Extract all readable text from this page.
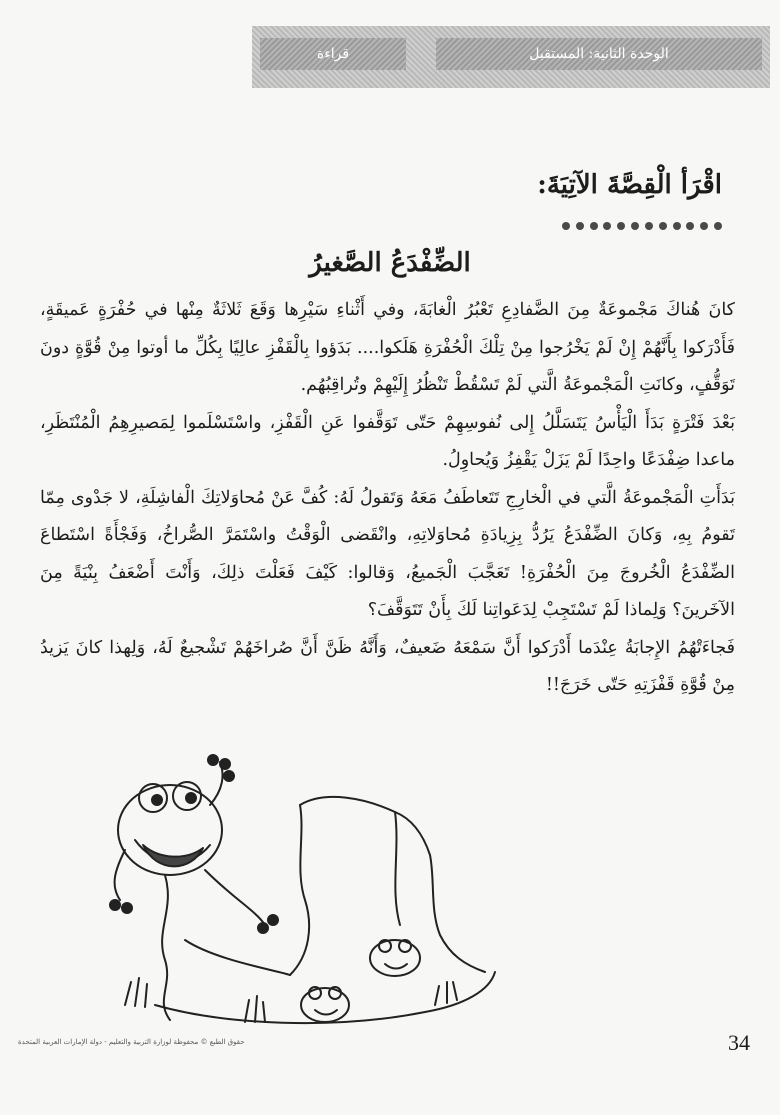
الوحدة الثانية: المستقبل
قراءة
اقْرَأ الْقِصَّةَ الآتِيَةَ:
الضِّفْدَعُ الصَّغيرُ

كانَ هُناكَ مَجْموعَةٌ مِنَ الضَّفادِعِ تَعْبُرُ الْغابَةَ، وفي أَثْناءِ سَيْرِها وَقَعَ ثَلاثَةٌ مِنْها في حُفْرَةٍ عَميقَةٍ، فَأَدْرَكوا بِأَنَّهُمْ إِنْ لَمْ يَخْرُجوا مِنْ تِلْكَ الْحُفْرَةِ هَلَكوا.... بَدَؤوا بِالْقَفْزِ عالِيًا بِكُلِّ ما أوتوا مِنْ قُوَّةٍ دونَ تَوَقُّفٍ، وكانَتِ الْمَجْموعَةُ الَّتي لَمْ تَسْقُطْ تَنْظُرُ إِلَيْهِمْ وتُراقِبُهُم.

بَعْدَ فَتْرَةٍ بَدَأَ الْيَأْسُ يَتَسَلَّلُ إِلى نُفوسِهِمْ حَتّى تَوَقَّفوا عَنِ الْقَفْزِ، واسْتَسْلَموا لِمَصيرِهِمُ الْمُنْتَظَرِ، ماعدا ضِفْدَعًا واحِدًا لَمْ يَزَلْ يَقْفِزُ وَيُحاوِلُ.

بَدَأَتِ الْمَجْموعَةُ الَّتي في الْخارِجِ تَتَعاطَفُ مَعَهُ وَتَقولُ لَهُ: كُفَّ عَنْ مُحاوَلاتِكَ الْفاشِلَةِ، لا جَدْوى مِمّا تَقومُ بِهِ، وَكانَ الضِّفْدَعُ يَرُدُّ بِزِيادَةِ مُحاوَلاتِهِ، وانْقَضى الْوَقْتُ واسْتَمَرَّ الصُّراخُ، وَفَجْأَةً اسْتَطاعَ الضِّفْدَعُ الْخُروجَ مِنَ الْحُفْرَةِ! تَعَجَّبَ الْجَميعُ، وَقالوا: كَيْفَ فَعَلْتَ ذلِكَ، وَأَنْتَ أَضْعَفُ بِنْيَةً مِنَ الآخَرينَ؟ وَلِماذا لَمْ تَسْتَجِبْ لِدَعَواتِنا لَكَ بِأَنْ تَتَوَقَّفَ؟

فَجاءَتْهُمُ الإِجابَةُ عِنْدَما أَدْرَكوا أَنَّ سَمْعَهُ ضَعيفٌ، وَأَنَّهُ ظَنَّ أَنَّ صُراخَهُمْ تَشْجيعٌ لَهُ، وَلِهذا كانَ يَزيدُ مِنْ قُوَّةِ قَفْزَتِهِ حَتّى خَرَجَ!!

حقوق الطبع © محفوظة لوزارة التربية والتعليم - دولة الإمارات العربية المتحدة	34
